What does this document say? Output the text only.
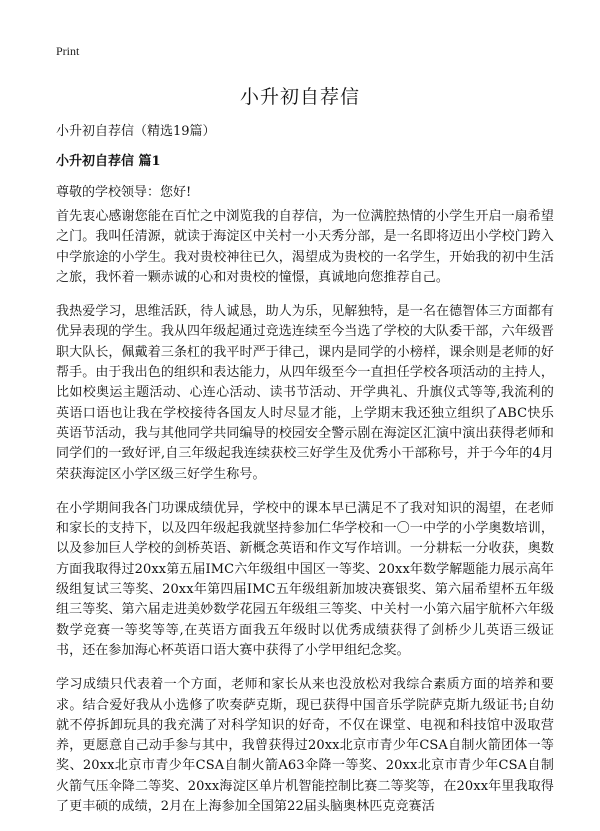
Print
小升初自荐信
小升初自荐信（精选19篇）
小升初自荐信 篇1
尊敬的学校领导：您好!

首先衷心感谢您能在百忙之中浏览我的自荐信，为一位满腔热情的小学生开启一扇希望之门。我叫任清源，就读于海淀区中关村一小天秀分部，是一名即将迈出小学校门跨入中学旅途的小学生。我对贵校神往已久，渴望成为贵校的一名学生，开始我的初中生活之旅，我怀着一颗赤诚的心和对贵校的憧憬，真诚地向您推荐自己。

我热爱学习，思维活跃，待人诚恳，助人为乐，见解独特，是一名在德智体三方面都有优异表现的学生。我从四年级起通过竞选连续至今当选了学校的大队委干部，六年级晋职大队长，佩戴着三条杠的我平时严于律己，课内是同学的小榜样，课余则是老师的好帮手。由于我出色的组织和表达能力，从四年级至今一直担任学校各项活动的主持人，比如校奥运主题活动、心连心活动、读书节活动、开学典礼、升旗仪式等等,我流利的英语口语也让我在学校接待各国友人时尽显才能，上学期末我还独立组织了ABC快乐英语节活动，我与其他同学共同编导的校园安全警示剧在海淀区汇演中演出获得老师和同学们的一致好评,自三年级起我连续获校三好学生及优秀小干部称号，并于今年的4月荣获海淀区小学区级三好学生称号。

在小学期间我各门功课成绩优异，学校中的课本早已满足不了我对知识的渴望，在老师和家长的支持下，以及四年级起我就坚持参加仁华学校和一〇一中学的小学奥数培训，以及参加巨人学校的剑桥英语、新概念英语和作文写作培训。一分耕耘一分收获，奥数方面我取得过20xx第五届IMC六年级组中国区一等奖、20xx年数学解题能力展示高年级组复试三等奖、20xx年第四届IMC五年级组新加坡决赛银奖、第六届希望杯五年级组三等奖、第六届走进美妙数学花园五年级组三等奖、中关村一小第六届宇航杯六年级数学竞赛一等奖等等,在英语方面我五年级时以优秀成绩获得了剑桥少儿英语三级证书，还在参加海心杯英语口语大赛中获得了小学甲组纪念奖。

学习成绩只代表着一个方面，老师和家长从来也没放松对我综合素质方面的培养和要求。结合爱好我从小选修了吹奏萨克斯，现已获得中国音乐学院萨克斯九级证书;自幼就不停拆卸玩具的我充满了对科学知识的好奇，不仅在课堂、电视和科技馆中汲取营养，更愿意自己动手参与其中，我曾获得过20xx北京市青少年CSA自制火箭团体一等奖、20xx北京市青少年CSA自制火箭A63伞降一等奖、20xx北京市青少年CSA自制火箭气压伞降二等奖、20xx海淀区单片机智能控制比赛二等奖等，在20xx年里我取得了更丰硕的成绩，2月在上海参加全国第22届头脑奥林匹克竞赛活
